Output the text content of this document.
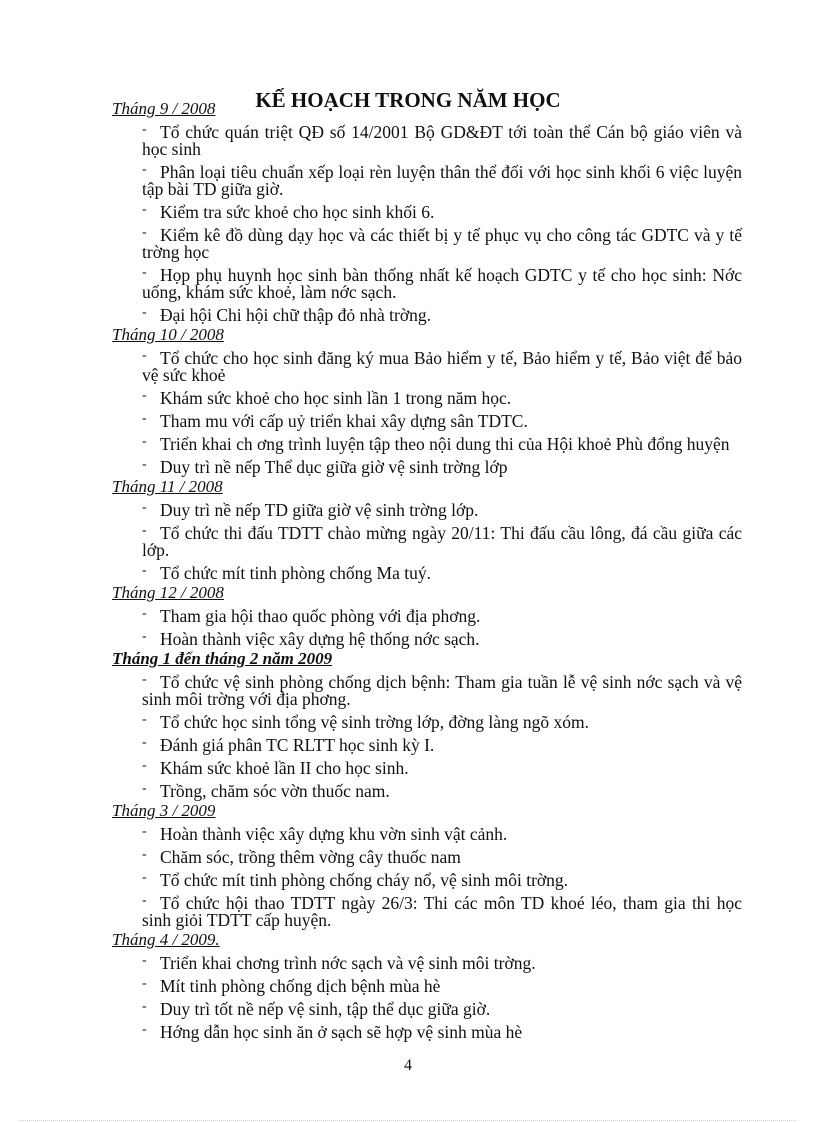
KẾ HOẠCH TRONG NĂM HỌC
Tháng 9 / 2008
- Tổ chức quán triệt QĐ số 14/2001 Bộ GD&ĐT tới toàn thể Cán bộ giáo viên và học sinh
- Phân loại tiêu chuẩn xếp loại rèn luyện thân thể đối với học sinh khối 6 việc luyện tập bài TD giữa giờ.
- Kiểm tra sức khoẻ cho học sinh khối 6.
- Kiểm kê đồ dùng dạy học và các thiết bị y tế phục vụ cho công tác GDTC và y tế trờng học
- Họp phụ huynh học sinh bàn thống nhất kế hoạch GDTC y tế cho học sinh: Nớc uống, khám sức khoẻ, làm nớc sạch.
- Đại hội Chi hội chữ thập đỏ nhà trờng.
Tháng 10 / 2008
- Tổ chức cho học sinh đăng ký mua Bảo hiểm y tế, Bảo hiểm y tế, Bảo việt để bảo vệ sức khoẻ
- Khám sức khoẻ cho học sinh lần 1 trong năm học.
- Tham mu với cấp uỷ triển khai xây dựng sân TDTC.
- Triển khai ch ơng trình luyện tập theo nội dung thi của Hội khoẻ Phù đổng huyện
- Duy trì nề nếp Thể dục giữa giờ vệ sinh trờng lớp
Tháng 11 / 2008
- Duy trì nề nếp TD giữa giờ vệ sinh trờng lớp.
- Tổ chức thi đấu TDTT chào mừng ngày 20/11: Thi đấu cầu lông, đá cầu giữa các lớp.
- Tổ chức mít tinh phòng chống Ma tuý.
Tháng 12 / 2008
- Tham gia hội thao quốc phòng với địa phơng.
- Hoàn thành việc xây dựng hệ thống nớc sạch.
Tháng 1 đến tháng 2 năm 2009
- Tổ chức vệ sinh phòng chống dịch bệnh: Tham gia tuần lễ vệ sinh nớc sạch và vệ sinh môi trờng với địa phơng.
- Tổ chức học sinh tổng vệ sinh trờng lớp, đờng làng ngõ xóm.
- Đánh giá phân TC RLTT học sinh kỳ I.
- Khám sức khoẻ lần II cho học sinh.
- Trồng, chăm sóc vờn thuốc nam.
Tháng 3 / 2009
- Hoàn thành việc xây dựng khu vờn sinh vật cảnh.
- Chăm sóc, trồng thêm vờng cây thuốc nam
- Tổ chức mít tinh phòng chống cháy nổ, vệ sinh môi trờng.
- Tổ chức hội thao TDTT ngày 26/3: Thi các môn TD khoé léo, tham gia thi học sinh giỏi TDTT cấp huyện.
Tháng 4 / 2009.
- Triển khai chơng trình nớc sạch và vệ sinh môi trờng.
- Mít tinh phòng chống dịch bệnh mùa hè
- Duy trì tốt nề nếp vệ sinh, tập thể dục giữa giờ.
- Hớng dẫn học sinh ăn ở sạch sẽ hợp vệ sinh mùa hè
4
